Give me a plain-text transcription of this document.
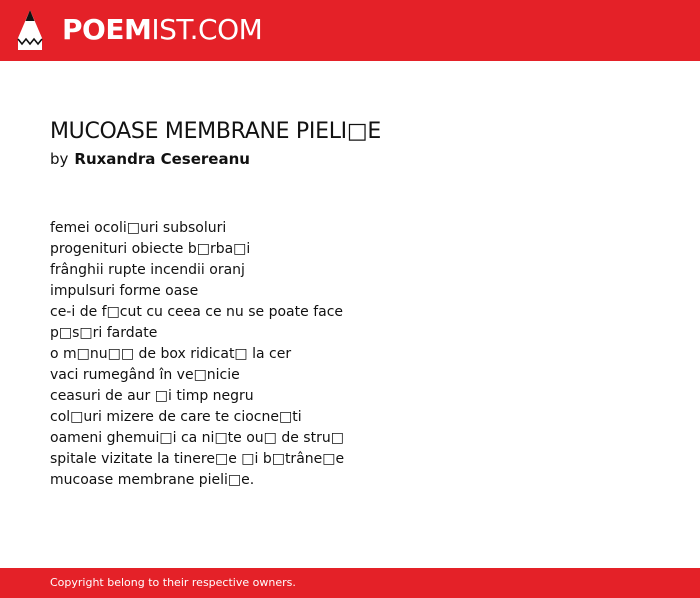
POEMIST.COM
MUCOASE MEMBRANE PIELI□E
by Ruxandra Cesereanu
femei ocoli□uri subsoluri
progenituri obiecte b□rba□i
frânghii rupte incendii oranj
impulsuri forme oase
ce-i de f□cut cu ceea ce nu se poate face
p□s□ri fardate
o m□nu□□ de box ridicat□ la cer
vaci rumegând în ve□nicie
ceasuri de aur □i timp negru
col□uri mizere de care te ciocne□ti
oameni ghemui□i ca ni□te ou□ de stru□
spitale vizitate la tinere□e □i b□trâne□e
mucoase membrane pieli□e.
Copyright belong to their respective owners.
